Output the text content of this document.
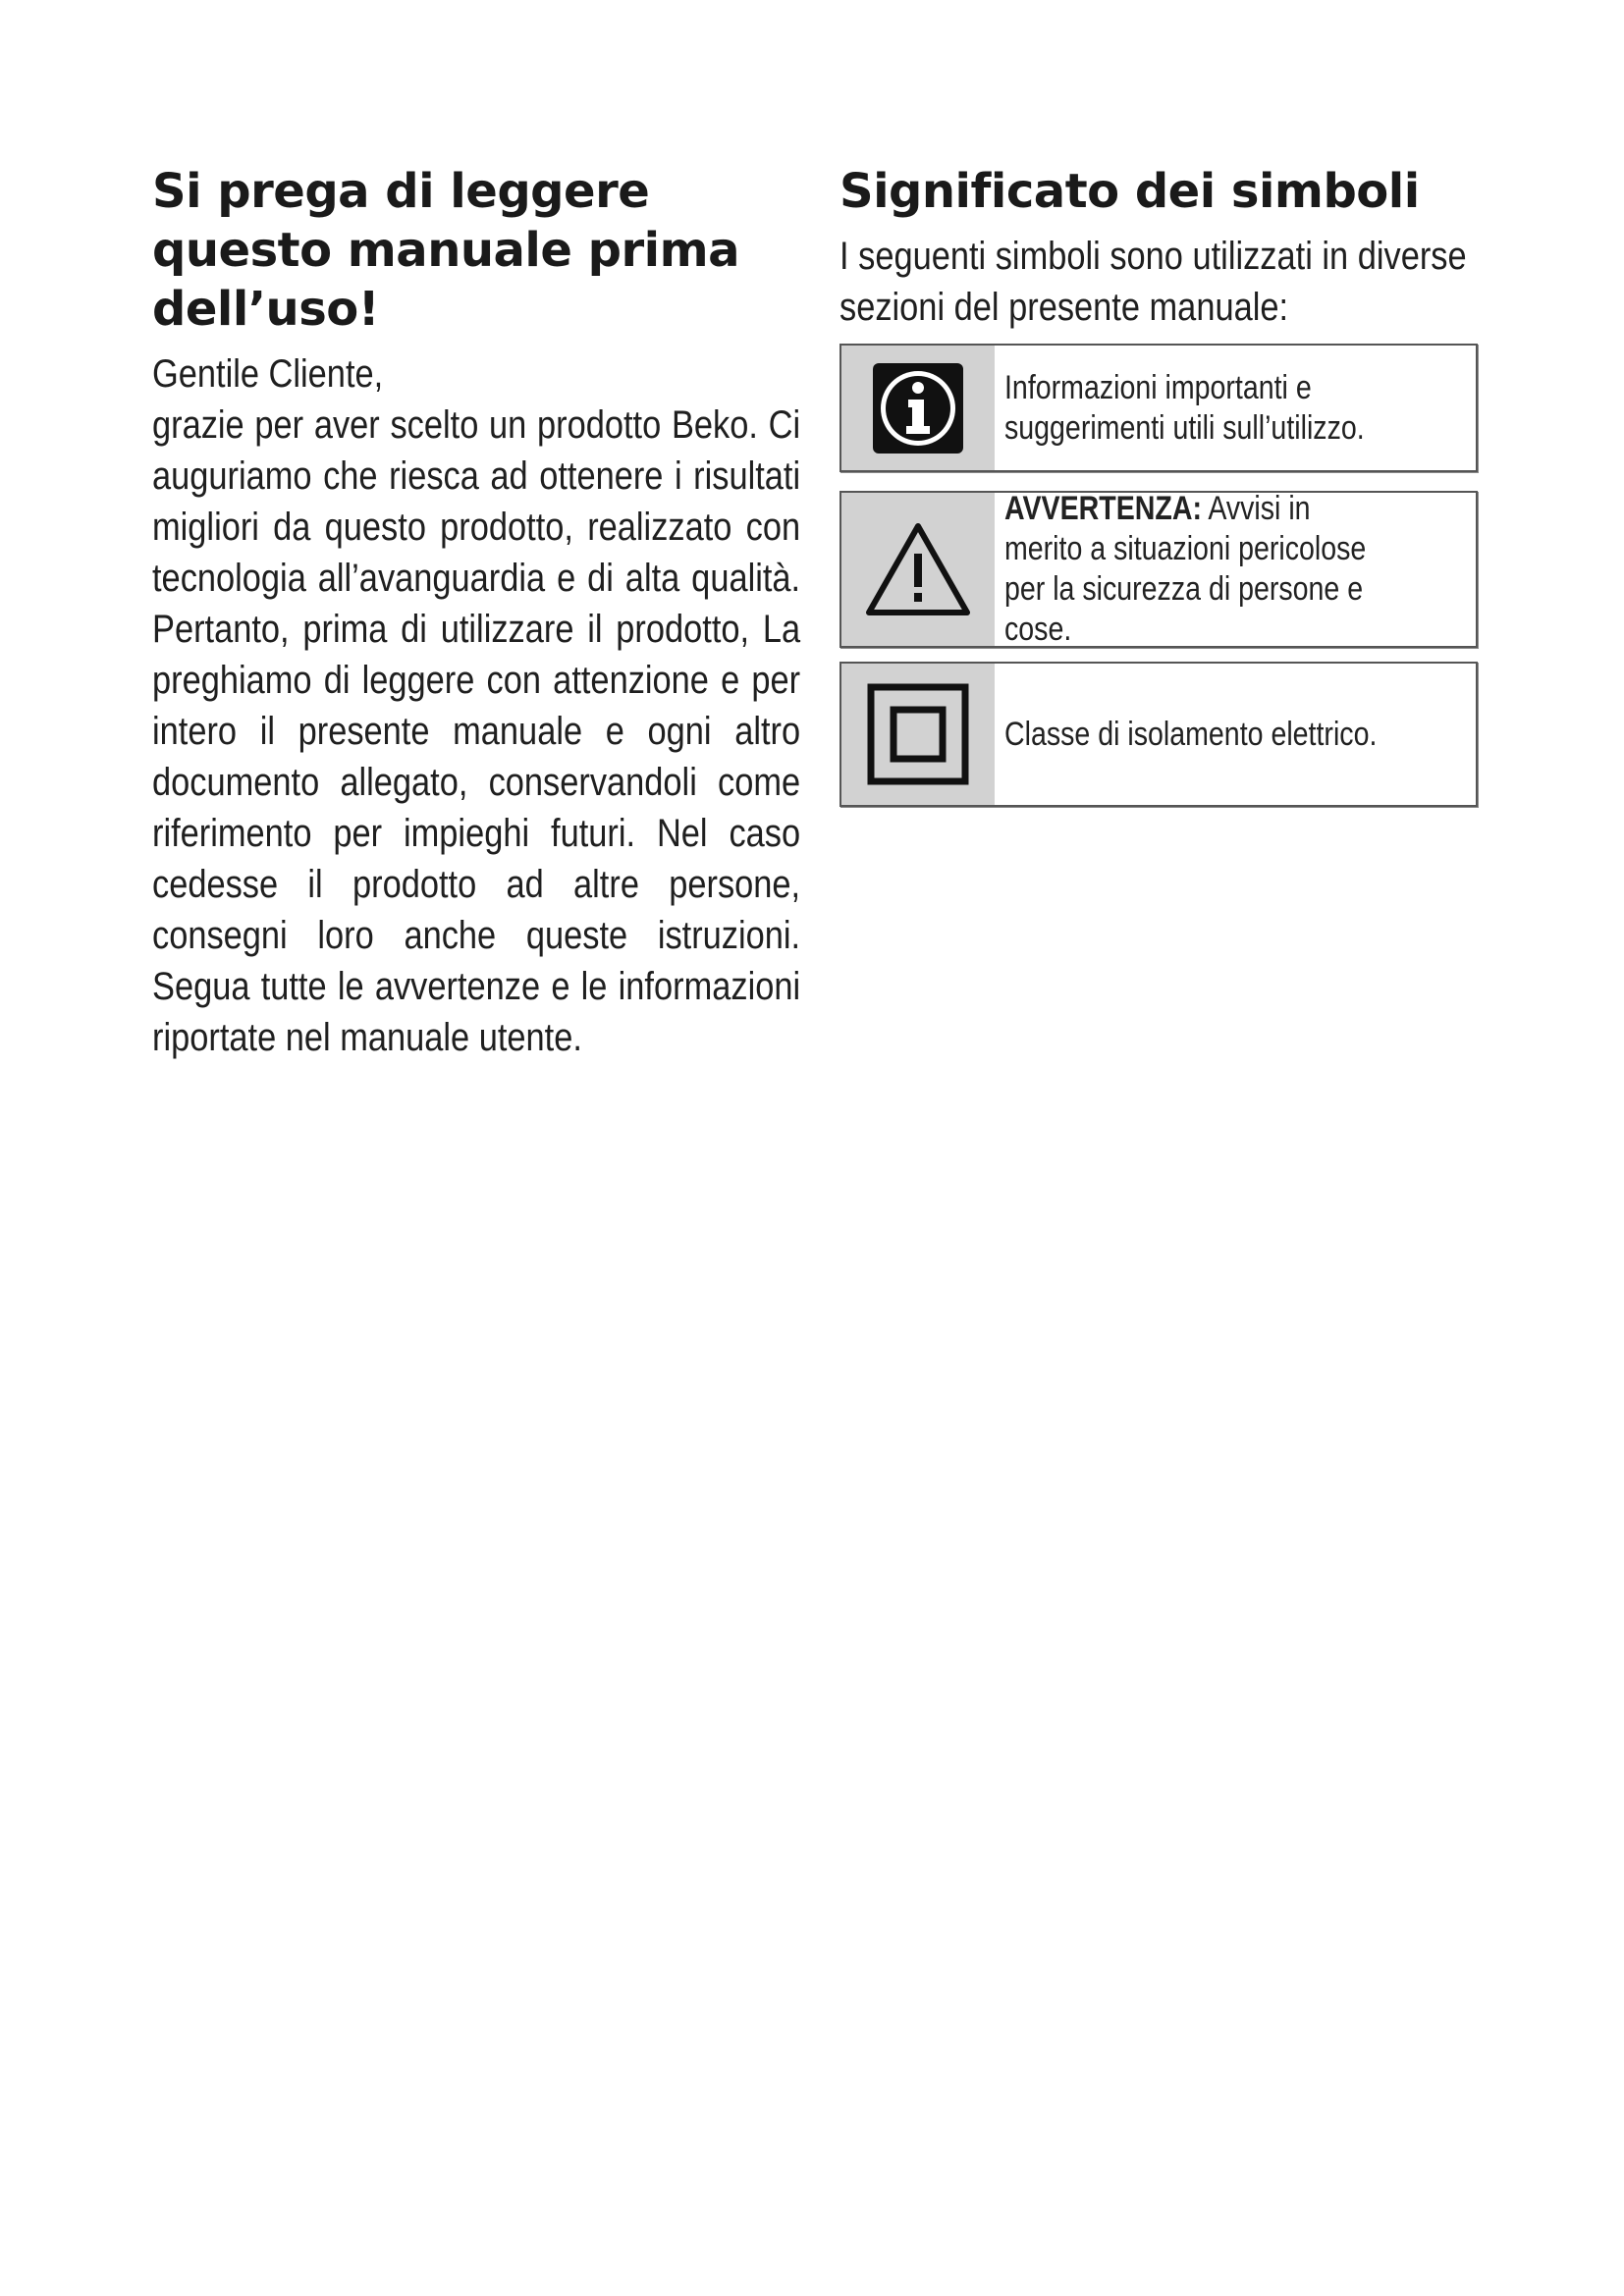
Si prega di leggere questo manuale prima dell’uso!

Gentile Cliente,

grazie per aver scelto un prodotto Beko. Ci auguriamo che riesca ad ottenere i risultati migliori da questo prodotto, realizzato con tecnologia all’avanguardia e di alta qualità. Pertanto, prima di utilizzare il prodotto, La preghiamo di leggere con attenzione e per intero il presente manuale e ogni altro documento allegato, conservandoli come riferimento per impieghi futuri. Nel caso cedesse il prodotto ad altre persone, consegni loro anche queste istruzioni. Segua tutte le avvertenze e le informazioni riportate nel manuale utente.

Significato dei simboli

I seguenti simboli sono utilizzati in diverse sezioni del presente manuale:

Informazioni importanti e suggerimenti utili sull’utilizzo.
AVVERTENZA: Avvisi in merito a situazioni pericolose per la sicurezza di persone e cose.
Classe di isolamento elettrico.
